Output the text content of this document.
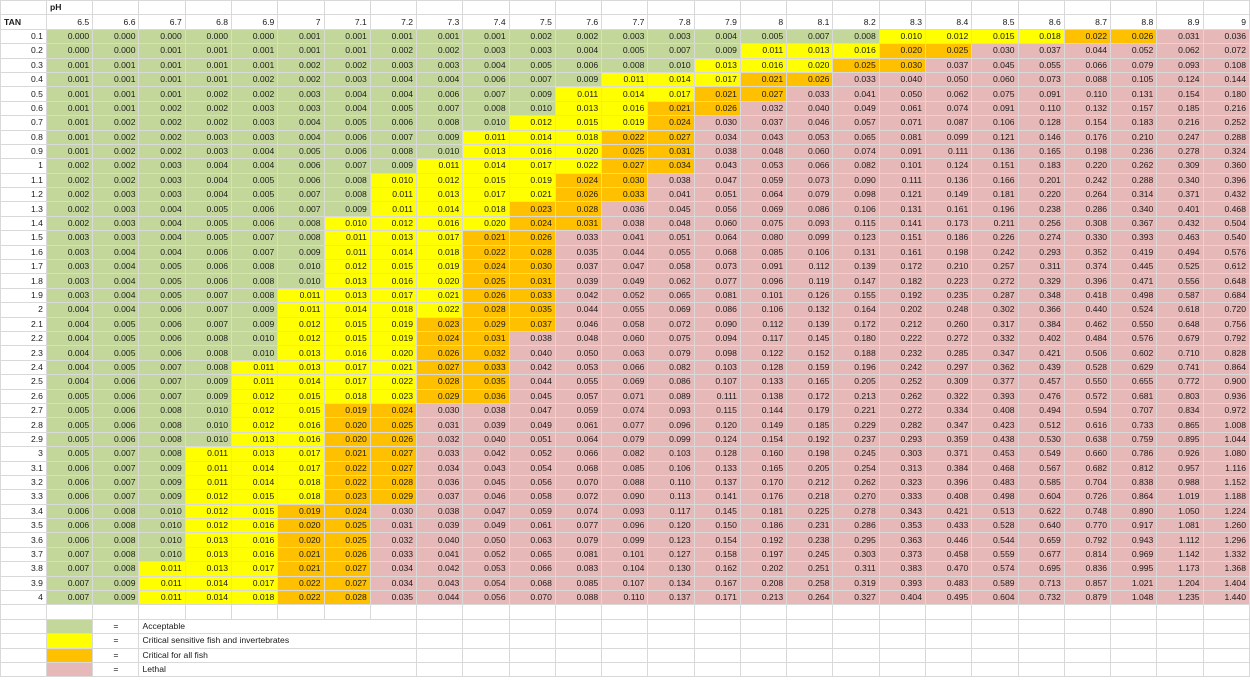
	pH																									
TAN	6.5	6.6	6.7	6.8	6.9	7	7.1	7.2	7.3	7.4	7.5	7.6	7.7	7.8	7.9	8	8.1	8.2	8.3	8.4	8.5	8.6	8.7	8.8	8.9	9
0.1	0.000	0.000	0.000	0.000	0.000	0.001	0.001	0.001	0.001	0.001	0.002	0.002	0.003	0.003	0.004	0.005	0.007	0.008	0.010	0.012	0.015	0.018	0.022	0.026	0.031	0.036
0.2	0.000	0.000	0.001	0.001	0.001	0.001	0.001	0.002	0.002	0.003	0.003	0.004	0.005	0.007	0.009	0.011	0.013	0.016	0.020	0.025	0.030	0.037	0.044	0.052	0.062	0.072
0.3	0.001	0.001	0.001	0.001	0.001	0.002	0.002	0.003	0.003	0.004	0.005	0.006	0.008	0.010	0.013	0.016	0.020	0.025	0.030	0.037	0.045	0.055	0.066	0.079	0.093	0.108
0.4	0.001	0.001	0.001	0.001	0.002	0.002	0.003	0.004	0.004	0.006	0.007	0.009	0.011	0.014	0.017	0.021	0.026	0.033	0.040	0.050	0.060	0.073	0.088	0.105	0.124	0.144
0.5	0.001	0.001	0.001	0.002	0.002	0.003	0.004	0.004	0.006	0.007	0.009	0.011	0.014	0.017	0.021	0.027	0.033	0.041	0.050	0.062	0.075	0.091	0.110	0.131	0.154	0.180
0.6	0.001	0.001	0.002	0.002	0.003	0.003	0.004	0.005	0.007	0.008	0.010	0.013	0.016	0.021	0.026	0.032	0.040	0.049	0.061	0.074	0.091	0.110	0.132	0.157	0.185	0.216
0.7	0.001	0.002	0.002	0.002	0.003	0.004	0.005	0.006	0.008	0.010	0.012	0.015	0.019	0.024	0.030	0.037	0.046	0.057	0.071	0.087	0.106	0.128	0.154	0.183	0.216	0.252
0.8	0.001	0.002	0.002	0.003	0.003	0.004	0.006	0.007	0.009	0.011	0.014	0.018	0.022	0.027	0.034	0.043	0.053	0.065	0.081	0.099	0.121	0.146	0.176	0.210	0.247	0.288
0.9	0.001	0.002	0.002	0.003	0.004	0.005	0.006	0.008	0.010	0.013	0.016	0.020	0.025	0.031	0.038	0.048	0.060	0.074	0.091	0.111	0.136	0.165	0.198	0.236	0.278	0.324
1	0.002	0.002	0.003	0.004	0.004	0.006	0.007	0.009	0.011	0.014	0.017	0.022	0.027	0.034	0.043	0.053	0.066	0.082	0.101	0.124	0.151	0.183	0.220	0.262	0.309	0.360
1.1	0.002	0.002	0.003	0.004	0.005	0.006	0.008	0.010	0.012	0.015	0.019	0.024	0.030	0.038	0.047	0.059	0.073	0.090	0.111	0.136	0.166	0.201	0.242	0.288	0.340	0.396
1.2	0.002	0.003	0.003	0.004	0.005	0.007	0.008	0.011	0.013	0.017	0.021	0.026	0.033	0.041	0.051	0.064	0.079	0.098	0.121	0.149	0.181	0.220	0.264	0.314	0.371	0.432
1.3	0.002	0.003	0.004	0.005	0.006	0.007	0.009	0.011	0.014	0.018	0.023	0.028	0.036	0.045	0.056	0.069	0.086	0.106	0.131	0.161	0.196	0.238	0.286	0.340	0.401	0.468
1.4	0.002	0.003	0.004	0.005	0.006	0.008	0.010	0.012	0.016	0.020	0.024	0.031	0.038	0.048	0.060	0.075	0.093	0.115	0.141	0.173	0.211	0.256	0.308	0.367	0.432	0.504
1.5	0.003	0.003	0.004	0.005	0.007	0.008	0.011	0.013	0.017	0.021	0.026	0.033	0.041	0.051	0.064	0.080	0.099	0.123	0.151	0.186	0.226	0.274	0.330	0.393	0.463	0.540
1.6	0.003	0.004	0.004	0.006	0.007	0.009	0.011	0.014	0.018	0.022	0.028	0.035	0.044	0.055	0.068	0.085	0.106	0.131	0.161	0.198	0.242	0.293	0.352	0.419	0.494	0.576
1.7	0.003	0.004	0.005	0.006	0.008	0.010	0.012	0.015	0.019	0.024	0.030	0.037	0.047	0.058	0.073	0.091	0.112	0.139	0.172	0.210	0.257	0.311	0.374	0.445	0.525	0.612
1.8	0.003	0.004	0.005	0.006	0.008	0.010	0.013	0.016	0.020	0.025	0.031	0.039	0.049	0.062	0.077	0.096	0.119	0.147	0.182	0.223	0.272	0.329	0.396	0.471	0.556	0.648
1.9	0.003	0.004	0.005	0.007	0.008	0.011	0.013	0.017	0.021	0.026	0.033	0.042	0.052	0.065	0.081	0.101	0.126	0.155	0.192	0.235	0.287	0.348	0.418	0.498	0.587	0.684
2	0.004	0.004	0.006	0.007	0.009	0.011	0.014	0.018	0.022	0.028	0.035	0.044	0.055	0.069	0.086	0.106	0.132	0.164	0.202	0.248	0.302	0.366	0.440	0.524	0.618	0.720
2.1	0.004	0.005	0.006	0.007	0.009	0.012	0.015	0.019	0.023	0.029	0.037	0.046	0.058	0.072	0.090	0.112	0.139	0.172	0.212	0.260	0.317	0.384	0.462	0.550	0.648	0.756
2.2	0.004	0.005	0.006	0.008	0.010	0.012	0.015	0.019	0.024	0.031	0.038	0.048	0.060	0.075	0.094	0.117	0.145	0.180	0.222	0.272	0.332	0.402	0.484	0.576	0.679	0.792
2.3	0.004	0.005	0.006	0.008	0.010	0.013	0.016	0.020	0.026	0.032	0.040	0.050	0.063	0.079	0.098	0.122	0.152	0.188	0.232	0.285	0.347	0.421	0.506	0.602	0.710	0.828
2.4	0.004	0.005	0.007	0.008	0.011	0.013	0.017	0.021	0.027	0.033	0.042	0.053	0.066	0.082	0.103	0.128	0.159	0.196	0.242	0.297	0.362	0.439	0.528	0.629	0.741	0.864
2.5	0.004	0.006	0.007	0.009	0.011	0.014	0.017	0.022	0.028	0.035	0.044	0.055	0.069	0.086	0.107	0.133	0.165	0.205	0.252	0.309	0.377	0.457	0.550	0.655	0.772	0.900
2.6	0.005	0.006	0.007	0.009	0.012	0.015	0.018	0.023	0.029	0.036	0.045	0.057	0.071	0.089	0.111	0.138	0.172	0.213	0.262	0.322	0.393	0.476	0.572	0.681	0.803	0.936
2.7	0.005	0.006	0.008	0.010	0.012	0.015	0.019	0.024	0.030	0.038	0.047	0.059	0.074	0.093	0.115	0.144	0.179	0.221	0.272	0.334	0.408	0.494	0.594	0.707	0.834	0.972
2.8	0.005	0.006	0.008	0.010	0.012	0.016	0.020	0.025	0.031	0.039	0.049	0.061	0.077	0.096	0.120	0.149	0.185	0.229	0.282	0.347	0.423	0.512	0.616	0.733	0.865	1.008
2.9	0.005	0.006	0.008	0.010	0.013	0.016	0.020	0.026	0.032	0.040	0.051	0.064	0.079	0.099	0.124	0.154	0.192	0.237	0.293	0.359	0.438	0.530	0.638	0.759	0.895	1.044
3	0.005	0.007	0.008	0.011	0.013	0.017	0.021	0.027	0.033	0.042	0.052	0.066	0.082	0.103	0.128	0.160	0.198	0.245	0.303	0.371	0.453	0.549	0.660	0.786	0.926	1.080
3.1	0.006	0.007	0.009	0.011	0.014	0.017	0.022	0.027	0.034	0.043	0.054	0.068	0.085	0.106	0.133	0.165	0.205	0.254	0.313	0.384	0.468	0.567	0.682	0.812	0.957	1.116
3.2	0.006	0.007	0.009	0.011	0.014	0.018	0.022	0.028	0.036	0.045	0.056	0.070	0.088	0.110	0.137	0.170	0.212	0.262	0.323	0.396	0.483	0.585	0.704	0.838	0.988	1.152
3.3	0.006	0.007	0.009	0.012	0.015	0.018	0.023	0.029	0.037	0.046	0.058	0.072	0.090	0.113	0.141	0.176	0.218	0.270	0.333	0.408	0.498	0.604	0.726	0.864	1.019	1.188
3.4	0.006	0.008	0.010	0.012	0.015	0.019	0.024	0.030	0.038	0.047	0.059	0.074	0.093	0.117	0.145	0.181	0.225	0.278	0.343	0.421	0.513	0.622	0.748	0.890	1.050	1.224
3.5	0.006	0.008	0.010	0.012	0.016	0.020	0.025	0.031	0.039	0.049	0.061	0.077	0.096	0.120	0.150	0.186	0.231	0.286	0.353	0.433	0.528	0.640	0.770	0.917	1.081	1.260
3.6	0.006	0.008	0.010	0.013	0.016	0.020	0.025	0.032	0.040	0.050	0.063	0.079	0.099	0.123	0.154	0.192	0.238	0.295	0.363	0.446	0.544	0.659	0.792	0.943	1.112	1.296
3.7	0.007	0.008	0.010	0.013	0.016	0.021	0.026	0.033	0.041	0.052	0.065	0.081	0.101	0.127	0.158	0.197	0.245	0.303	0.373	0.458	0.559	0.677	0.814	0.969	1.142	1.332
3.8	0.007	0.008	0.011	0.013	0.017	0.021	0.027	0.034	0.042	0.053	0.066	0.083	0.104	0.130	0.162	0.202	0.251	0.311	0.383	0.470	0.574	0.695	0.836	0.995	1.173	1.368
3.9	0.007	0.009	0.011	0.014	0.017	0.022	0.027	0.034	0.043	0.054	0.068	0.085	0.107	0.134	0.167	0.208	0.258	0.319	0.393	0.483	0.589	0.713	0.857	1.021	1.204	1.404
4	0.007	0.009	0.011	0.014	0.018	0.022	0.028	0.035	0.044	0.056	0.070	0.088	0.110	0.137	0.171	0.213	0.264	0.327	0.404	0.495	0.604	0.732	0.879	1.048	1.235	1.440

		=	Acceptable																							
		=	Critical sensitive fish and invertebrates																							
		=	Critical for all fish																							
		=	Lethal																							
